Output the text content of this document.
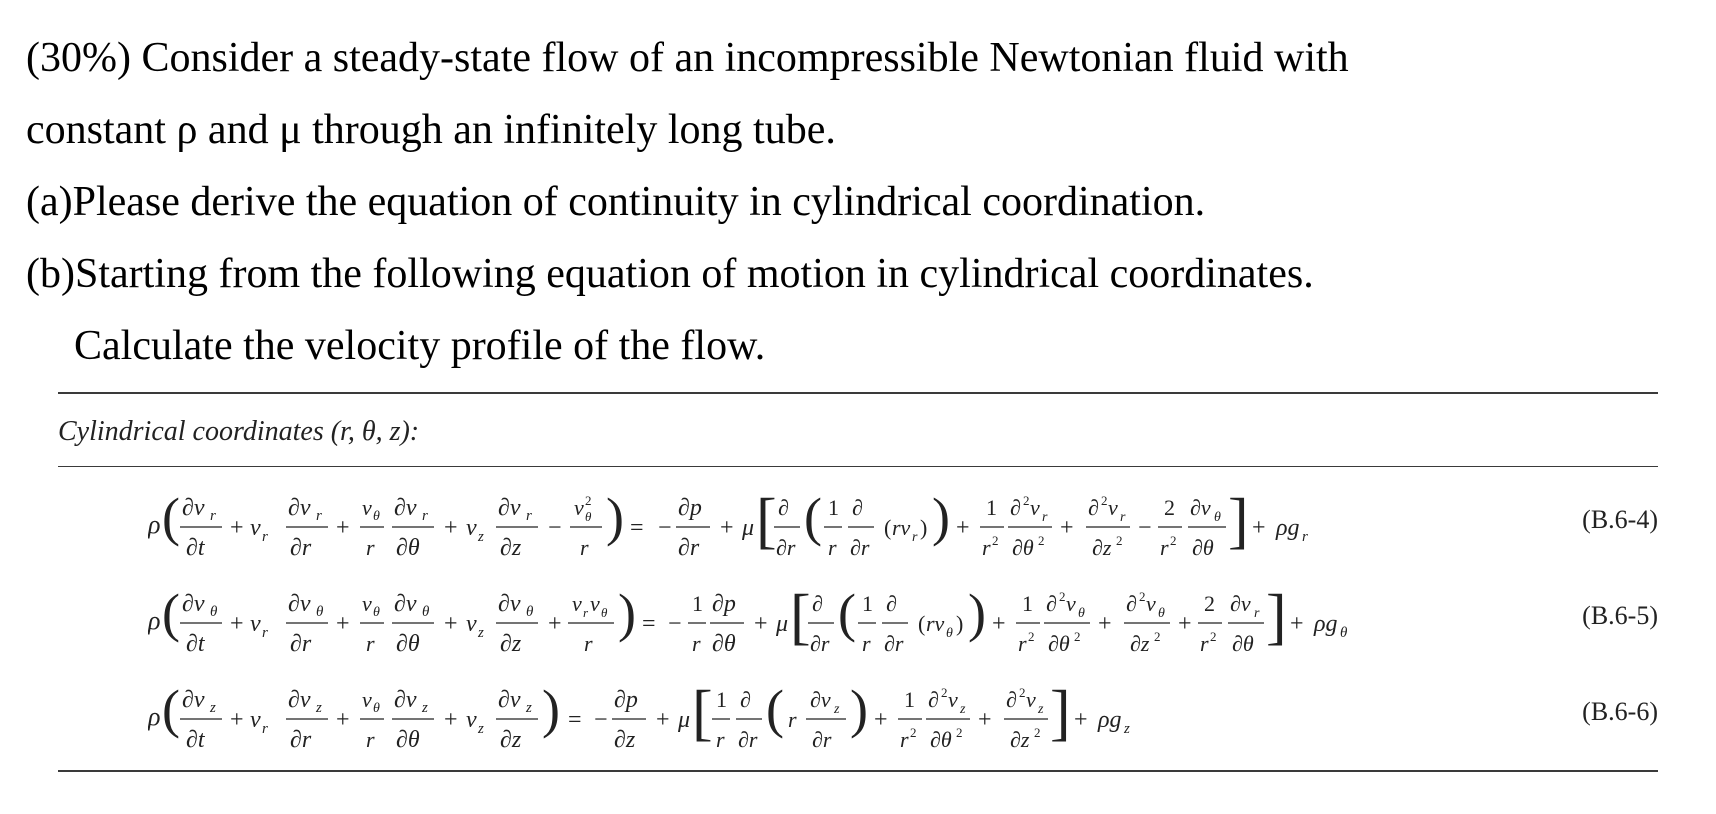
(30%) Consider a steady-state flow of an incompressible Newtonian fluid with
constant ρ and μ through an infinitely long tube.
(a)Please derive the equation of continuity in cylindrical coordination.
(b)Starting from the following equation of motion in cylindrical coordinates.
Calculate the velocity profile of the flow.
Cylindrical coordinates (r, θ, z):
ρ ( ∂v r
∂t
+ v r
∂v r
∂r
+
v θ
r
∂v r
∂θ
+ v z
∂v r
∂z
−
v 2
θ
r
) = −
∂p
∂r
+ μ [ ∂
∂r
( 1
r
∂
∂r
( rv r ) ) +
1
r 2
∂ 2 v r
∂θ 2 +
∂ 2 v r
∂z 2 −
2
r 2
∂v θ
∂θ ] + ρg r
(B.6-4)
ρ ( ∂v θ
∂t
+ v r
∂v θ
∂r
+
v θ
r
∂v θ
∂θ
+ v z
∂v θ
∂z
+
v r v θ
r
) = −
1
r
∂p
∂θ
+ μ [ ∂
∂r
( 1
r
∂
∂r
( rv θ ) ) +
1
r 2
∂ 2 v θ
∂θ 2 +
∂ 2 v θ
∂z 2 +
2
r 2
∂v r
∂θ ] + ρg θ
(B.6-5)
ρ ( ∂v z
∂t
+ v r
∂v z
∂r
+
v θ
r
∂v z
∂θ
+ v z
∂v z
∂z
) = −
∂p
∂z
+ μ [ 1
r
∂
∂r
( r
∂v z
∂r
) +
1
r 2
∂ 2 v z
∂θ 2 +
∂ 2 v z
∂z 2 ] + ρg z
(B.6-6)
